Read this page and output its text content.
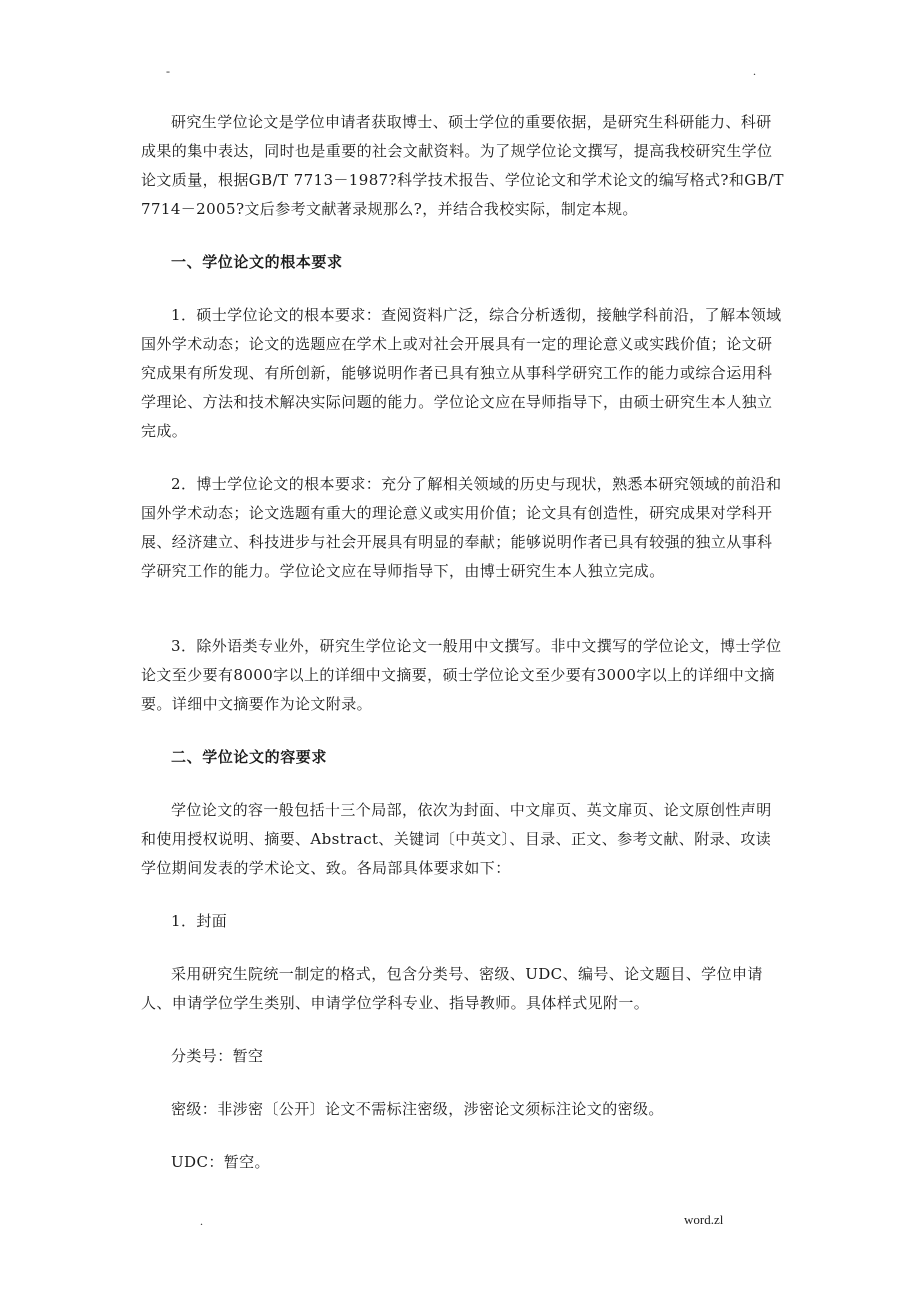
-	.

研究生学位论文是学位申请者获取博士、硕士学位的重要依据，是研究生科研能力、科研成果的集中表达，同时也是重要的社会文献资料。为了规学位论文撰写，提高我校研究生学位论文质量，根据GB/T 7713－1987?科学技术报告、学位论文和学术论文的编写格式?和GB/T 7714－2005?文后参考文献著录规那么?，并结合我校实际，制定本规。

一、学位论文的根本要求

1．硕士学位论文的根本要求：查阅资料广泛，综合分析透彻，接触学科前沿，了解本领域国外学术动态；论文的选题应在学术上或对社会开展具有一定的理论意义或实践价值；论文研究成果有所发现、有所创新，能够说明作者已具有独立从事科学研究工作的能力或综合运用科学理论、方法和技术解决实际问题的能力。学位论文应在导师指导下，由硕士研究生本人独立完成。

2．博士学位论文的根本要求：充分了解相关领域的历史与现状，熟悉本研究领域的前沿和国外学术动态；论文选题有重大的理论意义或实用价值；论文具有创造性，研究成果对学科开展、经济建立、科技进步与社会开展具有明显的奉献；能够说明作者已具有较强的独立从事科学研究工作的能力。学位论文应在导师指导下，由博士研究生本人独立完成。

3．除外语类专业外，研究生学位论文一般用中文撰写。非中文撰写的学位论文，博士学位论文至少要有8000字以上的详细中文摘要，硕士学位论文至少要有3000字以上的详细中文摘要。详细中文摘要作为论文附录。

二、学位论文的容要求

学位论文的容一般包括十三个局部，依次为封面、中文扉页、英文扉页、论文原创性声明和使用授权说明、摘要、Abstract、关键词〔中英文〕、目录、正文、参考文献、附录、攻读学位期间发表的学术论文、致。各局部具体要求如下：

1．封面

采用研究生院统一制定的格式，包含分类号、密级、UDC、编号、论文题目、学位申请人、申请学位学生类别、申请学位学科专业、指导教师。具体样式见附一。

分类号：暂空

密级：非涉密〔公开〕论文不需标注密级，涉密论文须标注论文的密级。

UDC：暂空。

.	word.zl
